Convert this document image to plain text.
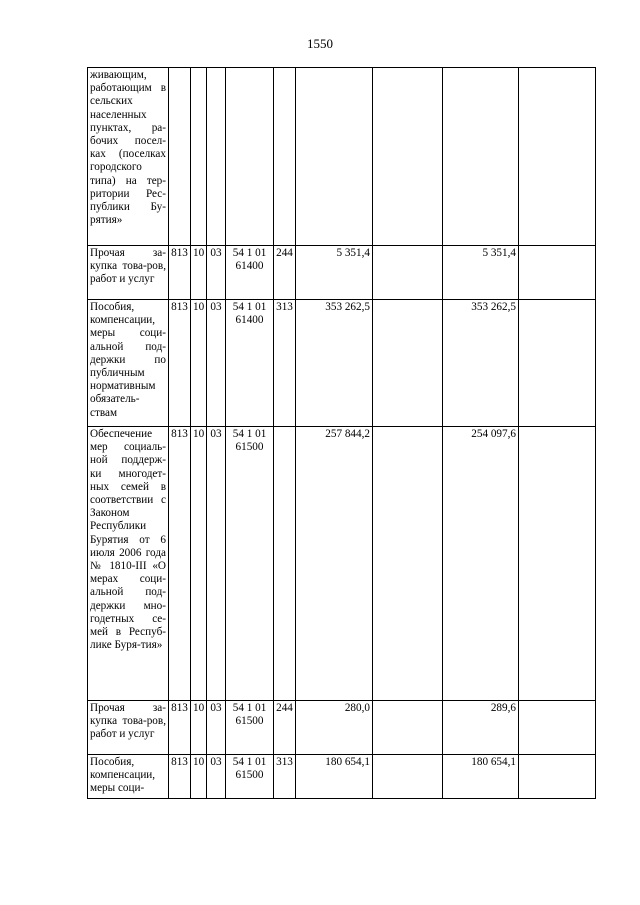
1550
живающим, работающим в сельских населенных пунктах, ра-бочих посел-ках (поселках городского типа) на тер-ритории Рес-публики Бу-рятия»									
Прочая за-купка това-ров, работ и услуг	813	10	03	54 1 01 61400	244	5 351,4		5 351,4	
Пособия, компенсации, меры соци-альной под-держки по публичным нормативным обязатель-ствам	813	10	03	54 1 01 61400	313	353 262,5		353 262,5	
Обеспечение мер социаль-ной поддерж-ки многодет-ных семей в соответствии с Законом Республики Бурятия от 6 июля 2006 года № 1810-III «О мерах соци-альной под-держки мно-годетных се-мей в Респуб-лике Буря-тия»	813	10	03	54 1 01 61500		257 844,2		254 097,6	
Прочая за-купка това-ров, работ и услуг	813	10	03	54 1 01 61500	244	280,0		289,6	
Пособия, компенсации, меры соци-	813	10	03	54 1 01 61500	313	180 654,1		180 654,1	
